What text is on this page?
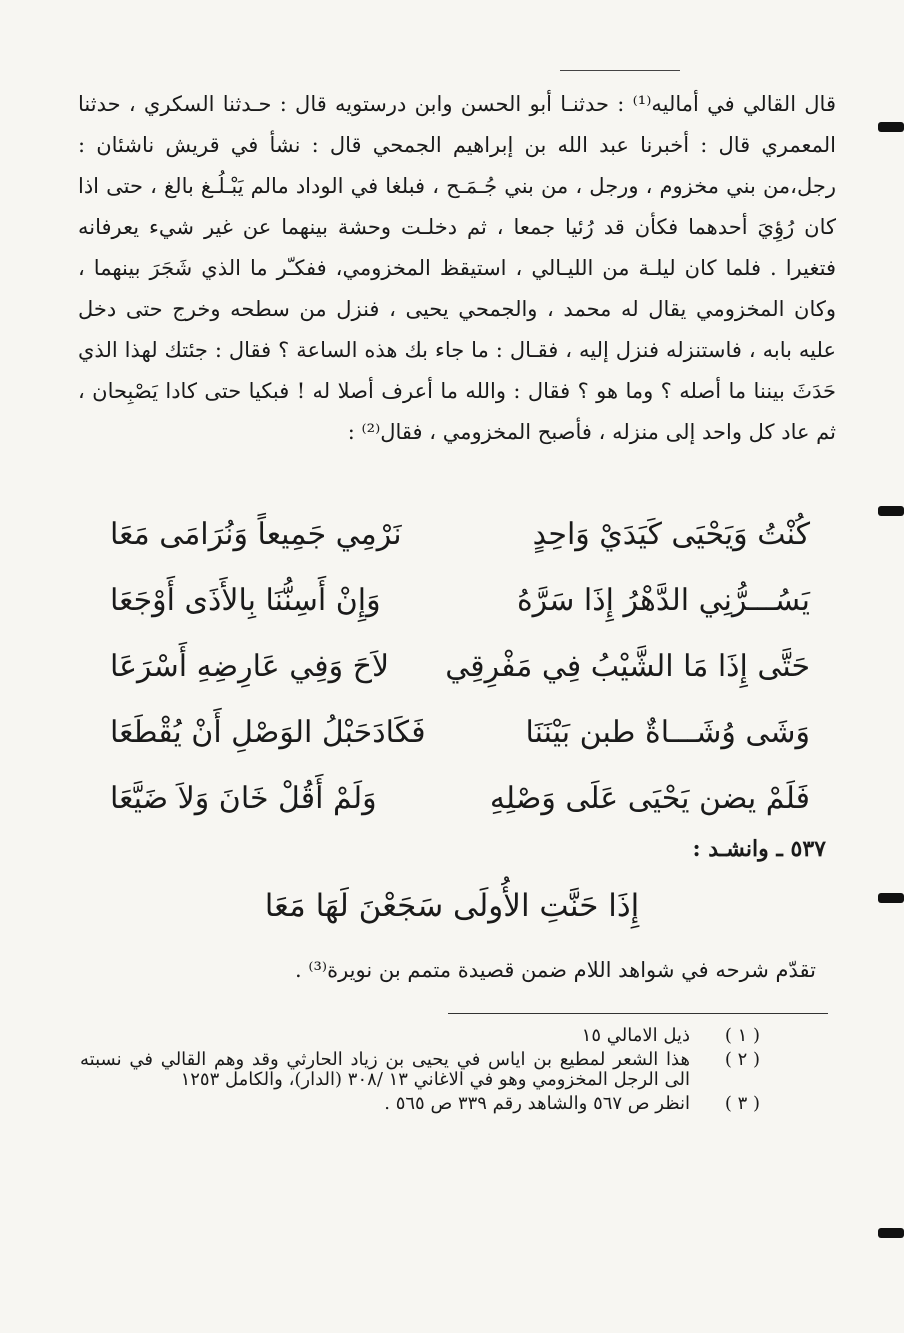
قال القالي في أماليه⁽¹⁾ : حدثنـا أبو الحسن وابن درستويه قال : حـدثنا السكري ، حدثنا المعمري قال : أخبرنا عبد الله بن إبراهيم الجمحي قال : نشأ في قريش ناشئان : رجل،من بني مخزوم ، ورجل ، من بني جُـمَـح ، فبلغا في الوداد مالم يَبْـلُـغ بالغ ، حتى اذا كان رُؤِيَ أحدهما فكأن قد رُئيا جمعا ، ثم دخلـت وحشة بينهما عن غير شيء يعرفانه فتغيرا . فلما كان ليلـة من الليـالي ، استيقظ المخزومي، ففكـّر ما الذي شَجَرَ بينهما ، وكان المخزومي يقال له محمد ، والجمحي يحيى ، فنزل من سطحه وخرج حتى دخل عليه بابه ، فاستنزله فنزل إليه ، فقـال : ما جاء بك هذه الساعة ؟ فقال : جئتك لهذا الذي حَدَثَ بيننا ما أصله ؟ وما هو ؟ فقال : والله ما أعرف أصلا له ! فبكيا حتى كادا يَصْبِحان ، ثم عاد كل واحد إلى منزله ، فأصبح المخزومي ، فقال⁽²⁾ :

كُنْتُ وَيَحْيَى كَيَدَيْ وَاحِدٍ
نَرْمِي جَمِيعاً وَنُرَامَى مَعَا
يَسُـــرُّنِي الدَّهْرُ إِذَا سَرَّهُ
وَإِنْ أَسِنُّنَا بِالأَذَى أَوْجَعَا
حَتَّى إِذَا مَا الشَّيْبُ فِي مَفْرِقِي
لاَحَ وَفِي عَارِضِهِ أَسْرَعَا
وَشَى وُشَـــاةٌ طبن بَيْنَنَا
فَكَادَحَبْلُ الوَصْلِ أَنْ يُقْطَعَا
فَلَمْ يضن يَحْيَى عَلَى وَصْلِهِ
وَلَمْ أَقُلْ خَانَ وَلاَ ضَيَّعَا
٥٣٧ ـ وانشـد :
إِذَا حَنَّتِ الأُولَى سَجَعْنَ لَهَا مَعَا
تقدّم شرحه في شواهد اللام ضمن قصيدة متمم بن نويرة⁽³⁾ .
( ١ )
ذيل الامالي ١٥
( ٢ )
هذا الشعر لمطيع بن اياس في يحيى بن زياد الحارثي وقد وهم القالي في نسبته الى الرجل المخزومي وهو في الاغاني ١٣ /٣٠٨ (الدار)، والكامل ١٢٥٣
( ٣ )
انظر ص ٥٦٧ والشاهد رقم ٣٣٩ ص ٥٦٥ .
